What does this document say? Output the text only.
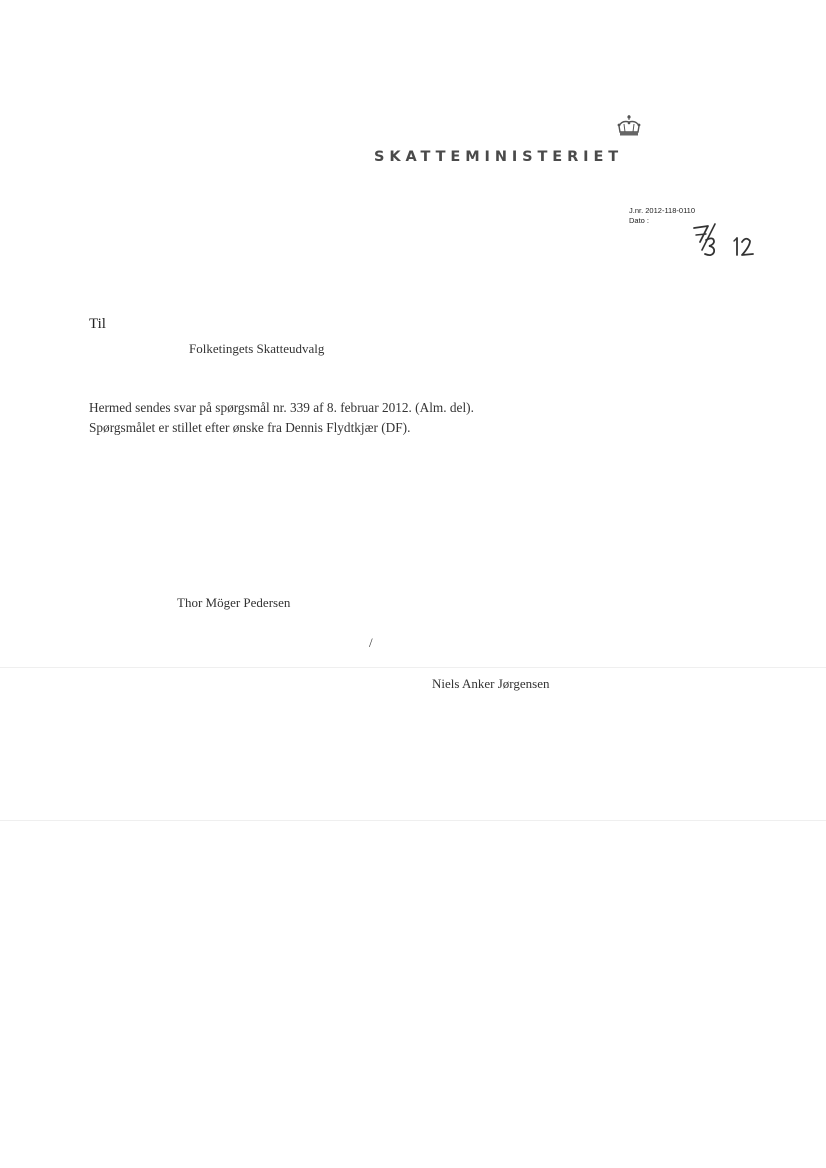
SKATTEMINISTERIET
J.nr. 2012-118-0110
Dato :
Til
Folketingets Skatteudvalg
Hermed sendes svar på spørgsmål nr. 339 af 8. februar 2012. (Alm. del).
Spørgsmålet er stillet efter ønske fra Dennis Flydtkjær (DF).
Thor Möger Pedersen
/
Niels Anker Jørgensen
